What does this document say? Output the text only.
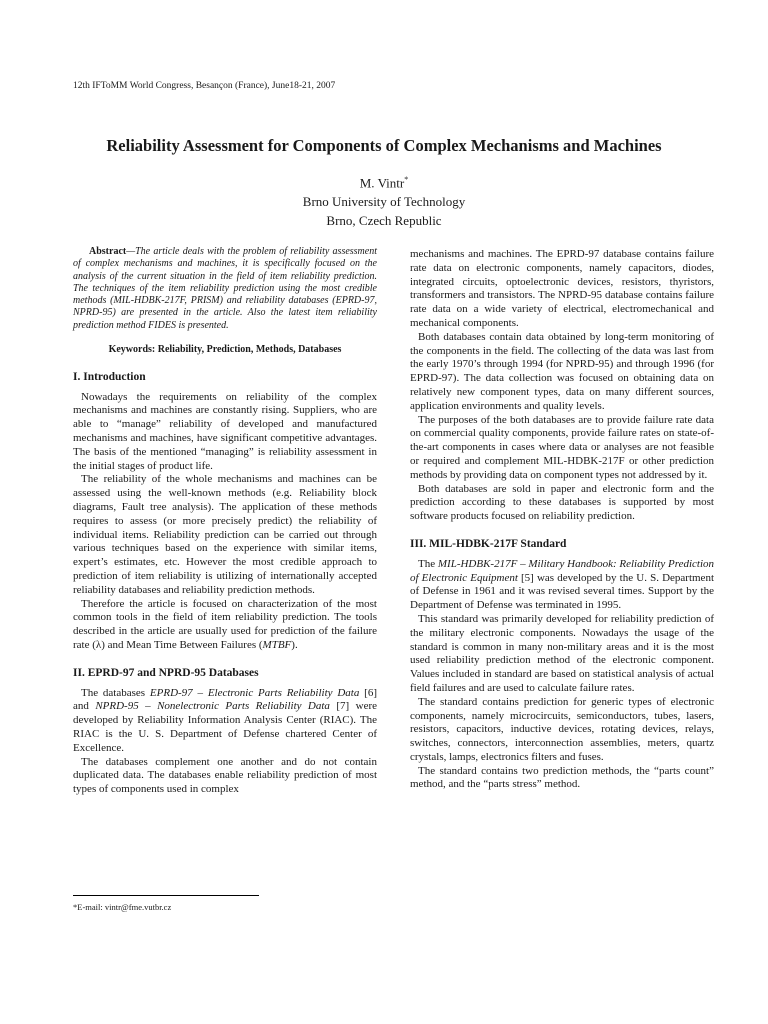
12th IFToMM World Congress, Besançon (France), June18-21, 2007
Reliability Assessment for Components of Complex Mechanisms and Machines
M. Vintr*
Brno University of Technology
Brno, Czech Republic

Abstract—The article deals with the problem of reliability assessment of complex mechanisms and machines, it is specifically focused on the analysis of the current situation in the field of item reliability prediction. The techniques of the item reliability prediction using the most credible methods (MIL-HDBK-217F, PRISM) and reliability databases (EPRD-97, NPRD-95) are presented in the article. Also the latest item reliability prediction method FIDES is presented.

Keywords: Reliability, Prediction, Methods, Databases
I. Introduction

Nowadays the requirements on reliability of the complex mechanisms and machines are constantly rising. Suppliers, who are able to “manage” reliability of developed and manufactured mechanisms and machines, have significant competitive advantages. The basis of the mentioned “managing” is reliability assessment in the initial stages of product life.

The reliability of the whole mechanisms and machines can be assessed using the well-known methods (e.g. Reliability block diagrams, Fault tree analysis). The application of these methods requires to assess (or more precisely predict) the reliability of individual items. Reliability prediction can be carried out through various techniques based on the experience with similar items, expert’s estimates, etc. However the most credible approach to prediction of item reliability is utilizing of internationally accepted reliability databases and reliability prediction methods.

Therefore the article is focused on characterization of the most common tools in the field of item reliability prediction. The tools described in the article are usually used for prediction of the failure rate (λ) and Mean Time Between Failures (MTBF).

II. EPRD-97 and NPRD-95 Databases

The databases EPRD-97 – Electronic Parts Reliability Data [6] and NPRD-95 – Nonelectronic Parts Reliability Data [7] were developed by Reliability Information Analysis Center (RIAC). The RIAC is the U. S. Department of Defense chartered Center of Excellence.

The databases complement one another and do not contain duplicated data. The databases enable reliability prediction of most types of components used in complex

mechanisms and machines. The EPRD-97 database contains failure rate data on electronic components, namely capacitors, diodes, integrated circuits, optoelectronic devices, resistors, thyristors, transformers and transistors. The NPRD-95 database contains failure rate data on a wide variety of electrical, electromechanical and mechanical components.

Both databases contain data obtained by long-term monitoring of the components in the field. The collecting of the data was last from the early 1970’s through 1994 (for NPRD-95) and through 1996 (for EPRD-97). The data collection was focused on obtaining data on relatively new component types, data on many different sources, application environments and quality levels.

The purposes of the both databases are to provide failure rate data on commercial quality components, provide failure rates on state-of-the-art components in cases where data or analyses are not feasible or required and complement MIL-HDBK-217F or other prediction methods by providing data on component types not addressed by it.

Both databases are sold in paper and electronic form and the prediction according to these databases is supported by most software products focused on reliability prediction.

III. MIL-HDBK-217F Standard

The MIL-HDBK-217F – Military Handbook: Reliability Prediction of Electronic Equipment [5] was developed by the U. S. Department of Defense in 1961 and it was revised several times. Support by the Department of Defense was terminated in 1995.

This standard was primarily developed for reliability prediction of the military electronic components. Nowadays the usage of the standard is common in many non-military areas and it is the most used reliability prediction method of the electronic component. Values included in standard are based on statistical analysis of actual field failures and are used to calculate failure rates.

The standard contains prediction for generic types of electronic components, namely microcircuits, semiconductors, tubes, lasers, resistors, capacitors, inductive devices, rotating devices, relays, switches, connectors, interconnection assemblies, meters, quartz crystals, lamps, electronics filters and fuses.

The standard contains two prediction methods, the “parts count” method, and the “parts stress” method.

*E-mail: vintr@fme.vutbr.cz
